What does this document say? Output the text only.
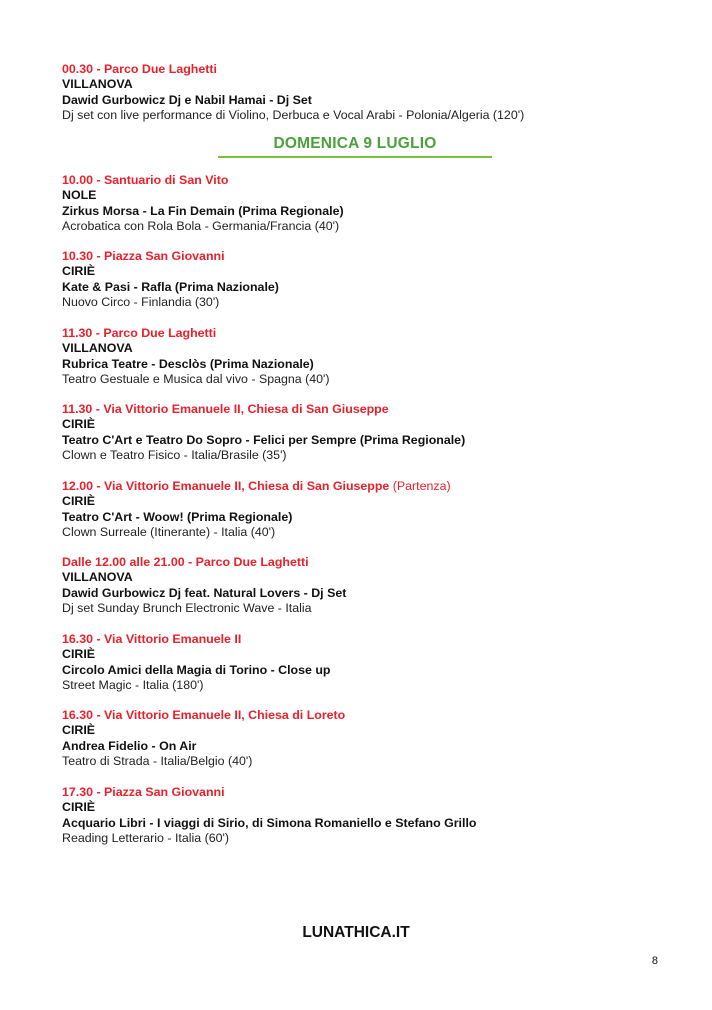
00.30 - Parco Due Laghetti
VILLANOVA
Dawid Gurbowicz Dj e Nabil Hamai - Dj Set
Dj set con live performance di Violino, Derbuca e Vocal Arabi - Polonia/Algeria (120')
DOMENICA 9 LUGLIO
10.00 - Santuario di San Vito
NOLE
Zirkus Morsa - La Fin Demain (Prima Regionale)
Acrobatica con Rola Bola - Germania/Francia (40')
10.30 - Piazza San Giovanni
CIRIÈ
Kate & Pasi - Rafla (Prima Nazionale)
Nuovo Circo - Finlandia (30')
11.30 - Parco Due Laghetti
VILLANOVA
Rubrica Teatre - Desclòs (Prima Nazionale)
Teatro Gestuale e Musica dal vivo - Spagna (40')
11.30 - Via Vittorio Emanuele II, Chiesa di San Giuseppe
CIRIÈ
Teatro C'Art e Teatro Do Sopro - Felici per Sempre (Prima Regionale)
Clown e Teatro Fisico - Italia/Brasile (35')
12.00 - Via Vittorio Emanuele II, Chiesa di San Giuseppe (Partenza)
CIRIÈ
Teatro C'Art - Woow! (Prima Regionale)
Clown Surreale (Itinerante) - Italia (40')
Dalle 12.00 alle 21.00 - Parco Due Laghetti
VILLANOVA
Dawid Gurbowicz Dj feat. Natural Lovers - Dj Set
Dj set Sunday Brunch Electronic Wave - Italia
16.30 - Via Vittorio Emanuele II
CIRIÈ
Circolo Amici della Magia di Torino - Close up
Street Magic - Italia (180')
16.30 - Via Vittorio Emanuele II, Chiesa di Loreto
CIRIÈ
Andrea Fidelio - On Air
Teatro di Strada - Italia/Belgio (40')
17.30 - Piazza San Giovanni
CIRIÈ
Acquario Libri - I viaggi di Sirio, di Simona Romaniello e Stefano Grillo
Reading Letterario - Italia (60')
LUNATHICA.IT
8
